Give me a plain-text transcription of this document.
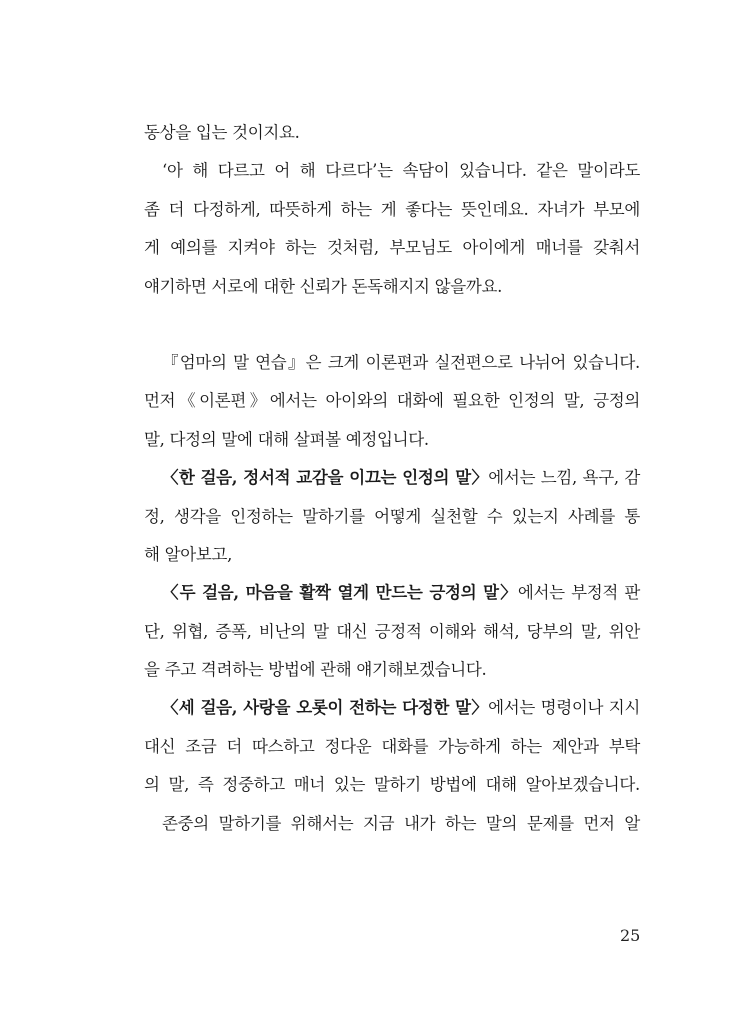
동상을 입는 것이지요.
‘아 해 다르고 어 해 다르다’는 속담이 있습니다. 같은 말이라도
좀 더 다정하게, 따뜻하게 하는 게 좋다는 뜻인데요. 자녀가 부모에
게 예의를 지켜야 하는 것처럼, 부모님도 아이에게 매너를 갖춰서
얘기하면 서로에 대한 신뢰가 돈독해지지 않을까요.
『엄마의 말 연습』은 크게 이론편과 실전편으로 나뉘어 있습니다.
먼저《이론편》에서는 아이와의 대화에 필요한 인정의 말, 긍정의
말, 다정의 말에 대해 살펴볼 예정입니다.
〈한 걸음, 정서적 교감을 이끄는 인정의 말〉에서는 느낌, 욕구, 감
정, 생각을 인정하는 말하기를 어떻게 실천할 수 있는지 사례를 통
해 알아보고,
〈두 걸음, 마음을 활짝 열게 만드는 긍정의 말〉에서는 부정적 판
단, 위협, 증폭, 비난의 말 대신 긍정적 이해와 해석, 당부의 말, 위안
을 주고 격려하는 방법에 관해 얘기해보겠습니다.
〈세 걸음, 사랑을 오롯이 전하는 다정한 말〉에서는 명령이나 지시
대신 조금 더 따스하고 정다운 대화를 가능하게 하는 제안과 부탁
의 말, 즉 정중하고 매너 있는 말하기 방법에 대해 알아보겠습니다.
존중의 말하기를 위해서는 지금 내가 하는 말의 문제를 먼저 알
25
